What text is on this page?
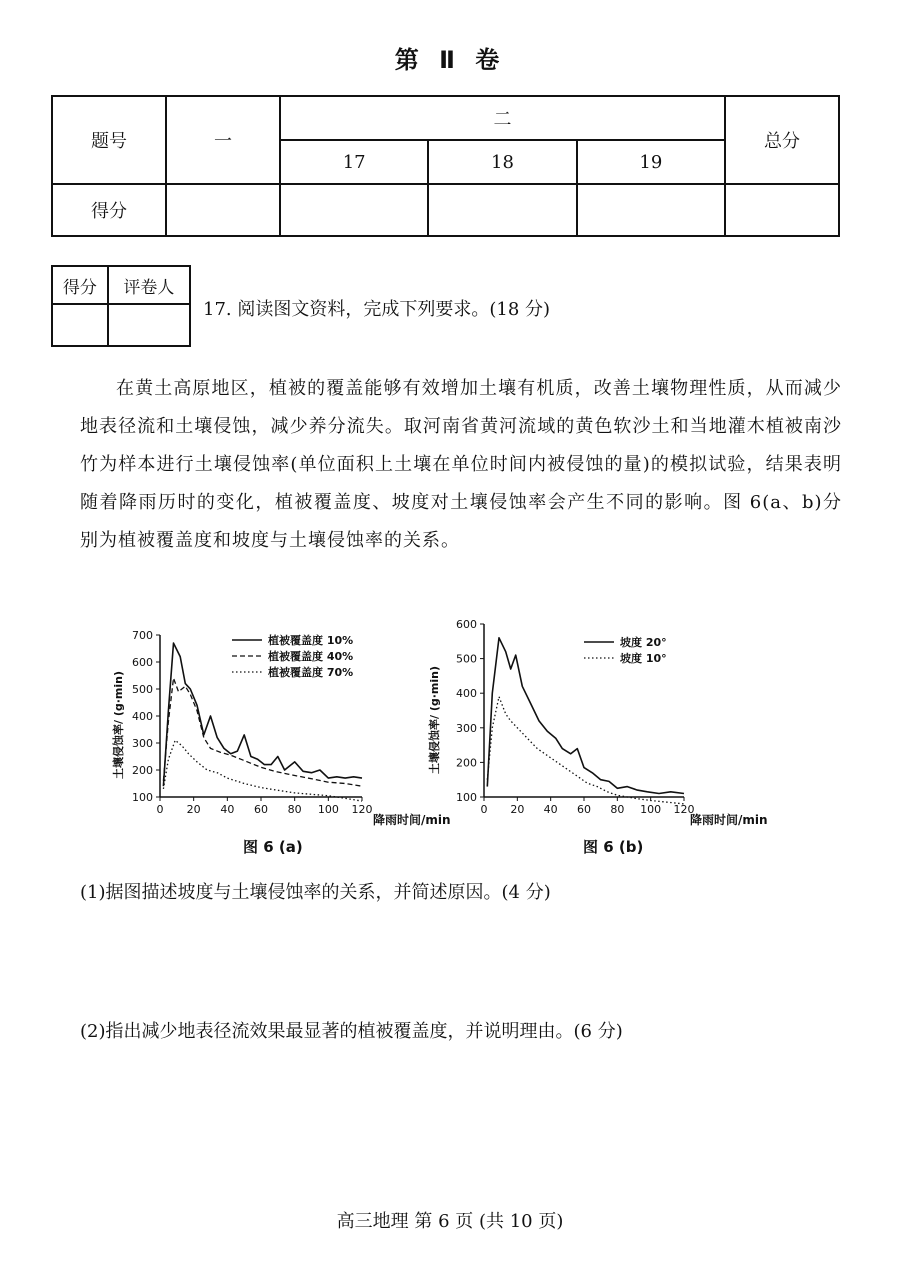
第 Ⅱ 卷
题号	一	二			总分
		17	18	19	
得分					
得分	评卷人

17. 阅读图文资料，完成下列要求。(18 分)
在黄土高原地区，植被的覆盖能够有效增加土壤有机质，改善土壤物理性质，从而减少地表径流和土壤侵蚀，减少养分流失。取河南省黄河流域的黄色软沙土和当地灌木植被南沙竹为样本进行土壤侵蚀率(单位面积上土壤在单位时间内被侵蚀的量)的模拟试验，结果表明随着降雨历时的变化，植被覆盖度、坡度对土壤侵蚀率会产生不同的影响。图 6(a、b)分别为植被覆盖度和坡度与土壤侵蚀率的关系。
土壤侵蚀率/ (g·min)
0 20 40 60 80 100 120
100
200
300
400
500
600
700	植被覆盖度 10%
植被覆盖度 40%
植被覆盖度 70%
降雨时间/min
图 6 (a)
土壤侵蚀率/ (g·min)
0 20 40 60 80 100 120
100
200
300
400
500
600
坡度 20°
坡度 10°
降雨时间/min
图 6 (b)
(1)据图描述坡度与土壤侵蚀率的关系，并简述原因。(4 分)
(2)指出减少地表径流效果最显著的植被覆盖度，并说明理由。(6 分)
高三地理 第 6 页 (共 10 页)
